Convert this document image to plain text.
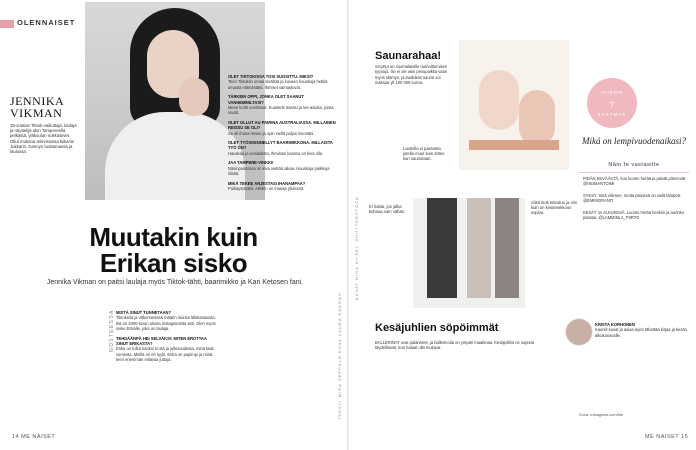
OLENNAISET

JENNIKA

VIKMAN

28-vuotias Tiktok-vaikuttaja, laulaja ja näyttelijä alun Tampereella pelkästä, yläkoulun nokkasiivet. Ollut mukana televisiossa kiikariin Jukkarin, Dannyn tuottamassa ja laulussa.
Muutakin kuin
Erikan sisko
Jennika Vikman on paitsi laulaja myös Tiktok-tähti, baarimikko ja Kari Ketosen fani.
NOSTEESSA MISTÄ SINUT TUNNETAAN?

Tiktokista ja vähemmässä määrin muista lähikanavista. Ikä on 2000-luvun alusta Instagramista asti. Olen myös sisko Erikalle, joka on laulaja.

TEHDÄÄNPÄ HEI SELVÄKSI: MITEN EROTTAA SINUT ERIKASTA?

Erika on tullut tutuksi tv:stä ja julkisuudesta, minä taas somesta. Meillä on eri tyylit, Erika on popimpi ja minä teen enemmän erilaisia juttuja.

OLET TIKTOKISSA TOSI SUOSITTU. MIKSI?

Teen Tiktokiin omaa sisältöä ja kuvaan hauskoja hetkiä omasta elämästäni. Ihmiset samastuvat.

TÄRKEIN OPPI, JONKA OLET SAANUT VANHEMMILTASI?

Mene kohti unelmiasi. Kuuntele itseäsi ja tee asioita, joista nautit.

OLET OLLUT AU PAIRINA AUSTRALIASSA. MILLAINEN REISSU SE OLI?

Se oli ihana reissu ja opin siellä paljon itsestäni.

OLET TYÖSKENNELLYT BAARIMIKKONA. MILLAISTA TYÖ ON?

Hauskaa ja sosiaalista, ihmisten kanssa on kiva olla.

JAA TAMPERE-VINKKI!

Näsinpuistossa on kiva viettää aikaa. Hauskoja paikkoja riittää.

MIKÄ TEKEE ARJESTASI IHANAMPAA?

Poikaystäväni. Arkikin on ihanaa yhdessä.

TEKSTI MIRA SEPPÄLÄ KUVA LAURA KANGAS
14 ME NAISET
KUVAT NINA KIISKI, SHUTTERSTOCK
Saunarahaa!

SAUNA on suomalaisille rauhoittumisen tyyssija. Se ei ole vain pesupaikka vaan myös elämys, ja laadukas sauna voi maksaa yli 100 000 euroa.

Lauteilla ei paraneta jutella muut kuin sitten kun saunotaan.
VIIKON
?
KYSYMYS
Mikä on lempivuodenaikasi?
Näin te vastasitte

PIDÄN KEVÄÄSTÄ, kun luonto herää ja päivät pitenevät. @HEIMANTOIMI

SYKSY. Sinä viilenee, mutta päivissä on vielä lämpöä. @EMMIGRANTI

KESÄT JA ALKUKESÄ. Luonto herää henkiin ja aurinko paistaa. @LAMMINLA_PIIRTO

Ei haitta, jos jalka kohoaa vain vähän.
Siisti look toteutuu ja niin kuin on kesämekkoon sopiva.
Kesäjuhlien söpöimmät

BALLERINAT ovat palanneet, ja ballerinoita on ympäri maailmaa. Kesäjuhliin ne sopivat täydellisesti, kun haluat olla mukava.

KRISTA KORHONEN

Kauniit kuvat ja asiaa arjen lähettää kirjaa ja kesän alkukanavalle.

Kuva: instagram.com/Me
ME NAISET 15
